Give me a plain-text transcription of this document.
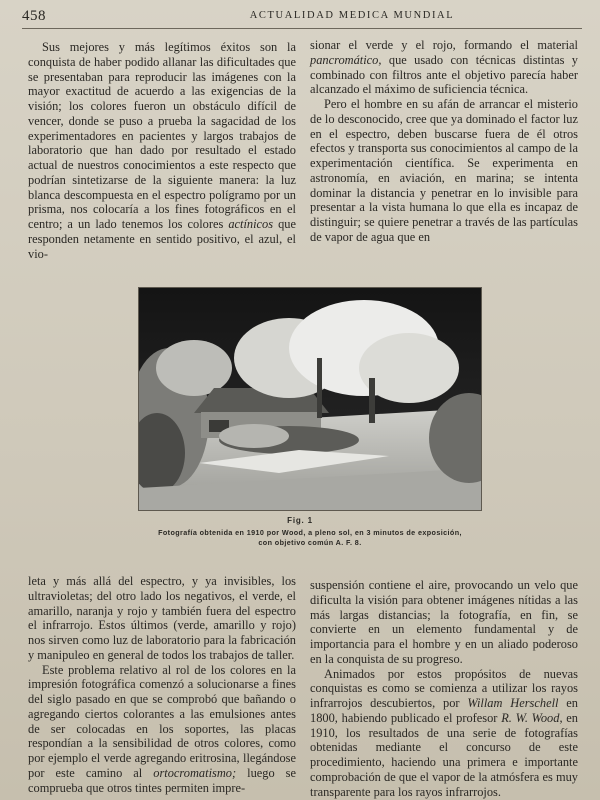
458	ACTUALIDAD MEDICA MUNDIAL

Sus mejores y más legítimos éxitos son la conquista de haber podido allanar las dificultades que se presentaban para reproducir las imágenes con la mayor exactitud de acuerdo a las exigencias de la visión; los colores fueron un obstáculo difícil de vencer, donde se puso a prueba la sagacidad de los experimentadores en pacientes y largos trabajos de laboratorio que han dado por resultado el estado actual de nuestros conocimientos a este respecto que podrían sintetizarse de la siguiente manera: la luz blanca descompuesta en el espectro polígramo por un prisma, nos colocaría a los fines fotográficos en el centro; a un lado tenemos los colores actínicos que responden netamente en sentido positivo, el azul, el vio-

sionar el verde y el rojo, formando el material pancromático, que usado con técnicas distintas y combinado con filtros ante el objetivo parecía haber alcanzado el máximo de suficiencia técnica.

Pero el hombre en su afán de arrancar el misterio de lo desconocido, cree que ya dominado el factor luz en el espectro, deben buscarse fuera de él otros efectos y transporta sus conocimientos al campo de la experimentación científica. Se experimenta en astronomía, en aviación, en marina; se intenta dominar la distancia y penetrar en lo invisible para presentar a la vista humana lo que ella es incapaz de distinguir; se quiere penetrar a través de las partículas de vapor de agua que en

Fig. 1
Fotografía obtenida en 1910 por Wood, a pleno sol, en 3 minutos de exposición, con objetivo común A. F. 8.

leta y más allá del espectro, y ya invisibles, los ultravioletas; del otro lado los negativos, el verde, el amarillo, naranja y rojo y también fuera del espectro el infrarrojo. Estos últimos (verde, amarillo y rojo) nos sirven como luz de laboratorio para la fabricación y manipuleo en general de todos los trabajos de taller.

Este problema relativo al rol de los colores en la impresión fotográfica comenzó a solucionarse a fines del siglo pasado en que se comprobó que bañando o agregando ciertos colorantes a las emulsiones antes de ser colocadas en los soportes, las placas respondían a la sensibilidad de otros colores, como por ejemplo el verde agregando eritrosina, llegándose por este camino al ortocromatismo; luego se comprueba que otros tintes permiten impre-

suspensión contiene el aire, provocando un velo que dificulta la visión para obtener imágenes nítidas a las más largas distancias; la fotografía, en fin, se convierte en un elemento fundamental y de importancia para el hombre y en un aliado poderoso en la conquista de su progreso.

Animados por estos propósitos de nuevas conquistas es como se comienza a utilizar los rayos infrarrojos descubiertos, por Willam Herschell en 1800, habiendo publicado el profesor R. W. Wood, en 1910, los resultados de una serie de fotografías obtenidas mediante el concurso de este procedimiento, haciendo una primera e importante comprobación de que el vapor de la atmósfera es muy transparente para los rayos infrarrojos.
